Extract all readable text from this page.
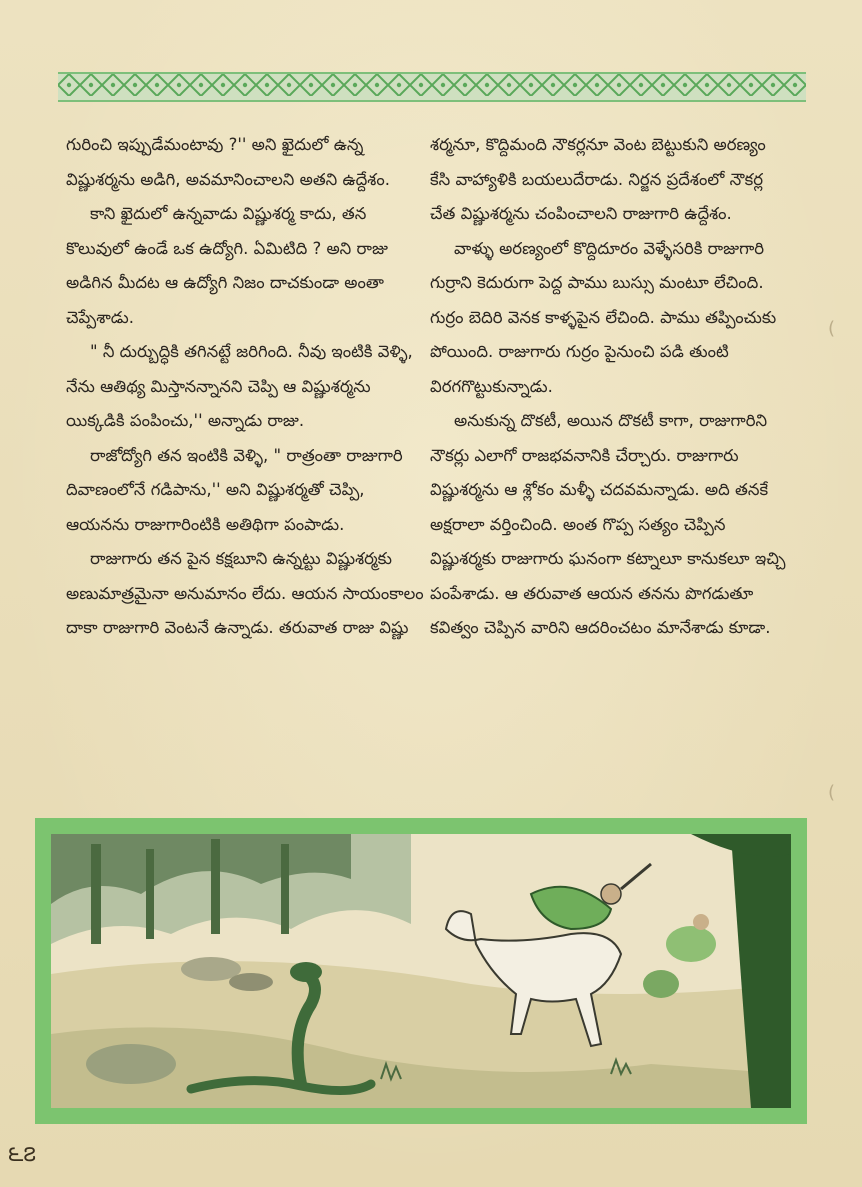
గురించి ఇప్పుడేమంటావు ?'' అని ఖైదులో ఉన్న విష్ణుశర్మను అడిగి, అవమానించాలని అతని ఉద్దేశం.

కాని ఖైదులో ఉన్నవాడు విష్ణుశర్మ కాదు, తన కొలువులో ఉండే ఒక ఉద్యోగి. ఏమిటిది ? అని రాజు అడిగిన మీదట ఆ ఉద్యోగి నిజం దాచకుండా అంతా చెప్పేశాడు.

" నీ దుర్బుద్ధికి తగినట్టే జరిగింది. నీవు ఇంటికి వెళ్ళి, నేను ఆతిథ్య మిస్తానన్నానని చెప్పి ఆ విష్ణుశర్మను యిక్కడికి పంపించు,'' అన్నాడు రాజు.

రాజోద్యోగి తన ఇంటికి వెళ్ళి, " రాత్రంతా రాజుగారి దివాణంలోనే గడిపాను,'' అని విష్ణుశర్మతో చెప్పి, ఆయనను రాజుగారింటికి అతిథిగా పంపాడు.

రాజుగారు తన పైన కక్షబూని ఉన్నట్టు విష్ణుశర్మకు అణుమాత్రమైనా అనుమానం లేదు. ఆయన సాయంకాలం దాకా రాజుగారి వెంటనే ఉన్నాడు. తరువాత రాజు విష్ణు

శర్మనూ, కొద్దిమంది నౌకర్లనూ వెంట బెట్టుకుని అరణ్యం కేసి వాహ్యాళికి బయలుదేరాడు. నిర్జన ప్రదేశంలో నౌకర్ల చేత విష్ణుశర్మను చంపించాలని రాజుగారి ఉద్దేశం.

వాళ్ళు అరణ్యంలో కొద్దిదూరం వెళ్ళేసరికి రాజుగారి గుర్రాని కెదురుగా పెద్ద పాము బుస్సు మంటూ లేచింది. గుర్రం బెదిరి వెనక కాళ్ళపైన లేచింది. పాము తప్పించుకు పోయింది. రాజుగారు గుర్రం పైనుంచి పడి తుంటి విరగగొట్టుకున్నాడు.

అనుకున్న దొకటీ, అయిన దొకటీ కాగా, రాజుగారిని నౌకర్లు ఎలాగో రాజభవనానికి చేర్చారు. రాజుగారు విష్ణుశర్మను ఆ శ్లోకం మళ్ళీ చదవమన్నాడు. అది తనకే అక్షరాలా వర్తించింది. అంత గొప్ప సత్యం చెప్పిన విష్ణుశర్మకు రాజుగారు ఘనంగా కట్నాలూ కానుకలూ ఇచ్చి పంపేశాడు. ఆ తరువాత ఆయన తనను పొగడుతూ కవిత్వం చెప్పిన వారిని ఆదరించటం మానేశాడు కూడా.

౬౭
(
(
